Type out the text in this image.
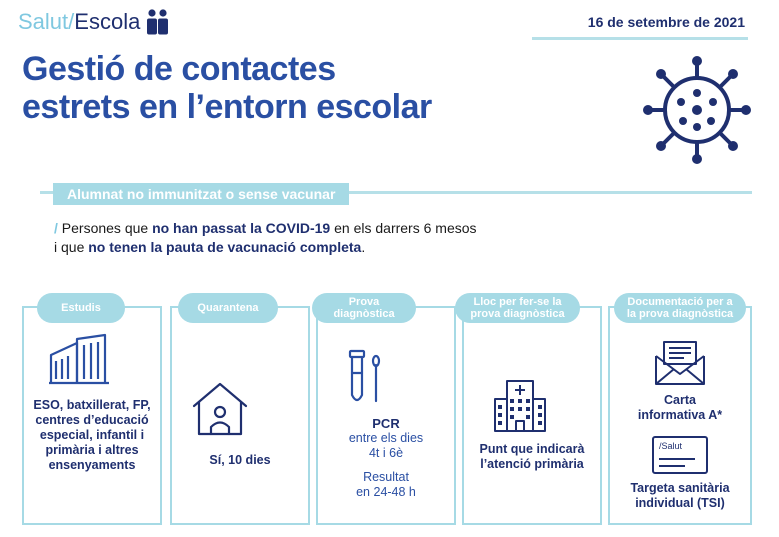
Salut / Escola	16 de setembre de 2021
Gestió de contactes
estrets en l’entorn escolar
Alumnat no immunitzat o sense vacunar
/ Persones que no han passat la COVID-19 en els darrers 6 mesos
i que no tenen la pauta de vacunació completa.
Estudis
ESO, batxillerat, FP, centres d’educació especial, infantil i primària i altres ensenyaments
Quarantena
Sí, 10 dies
Prova
diagnòstica
PCR
entre els dies
4t i 6è
Resultat
en 24-48 h
Lloc per fer-se la
prova diagnòstica
Punt que indicarà
l’atenció primària
Documentació per a
la prova diagnòstica
Carta
informativa A*
/Salut
Targeta sanitària
individual (TSI)
